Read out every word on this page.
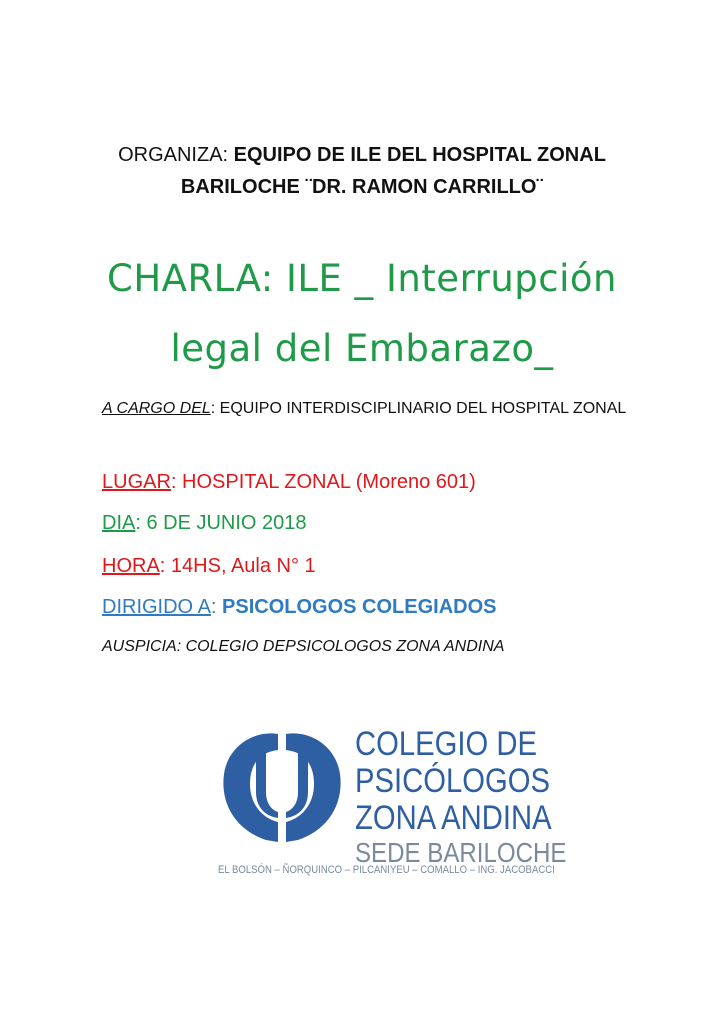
ORGANIZA: EQUIPO DE ILE DEL HOSPITAL ZONAL
BARILOCHE ¨DR. RAMON CARRILLO¨
CHARLA: ILE _ Interrupción
legal del Embarazo_
A CARGO DEL: EQUIPO INTERDISCIPLINARIO DEL HOSPITAL ZONAL
LUGAR: HOSPITAL ZONAL (Moreno 601)
DIA: 6 DE JUNIO 2018
HORA: 14HS, Aula N° 1
DIRIGIDO A: PSICOLOGOS COLEGIADOS
AUSPICIA: COLEGIO DEPSICOLOGOS ZONA ANDINA
COLEGIO DE
PSICÓLOGOS
ZONA ANDINA
SEDE BARILOCHE
EL BOLSÓN – ÑORQUINCO – PILCANIYEU – COMALLO – ING. JACOBACCI
